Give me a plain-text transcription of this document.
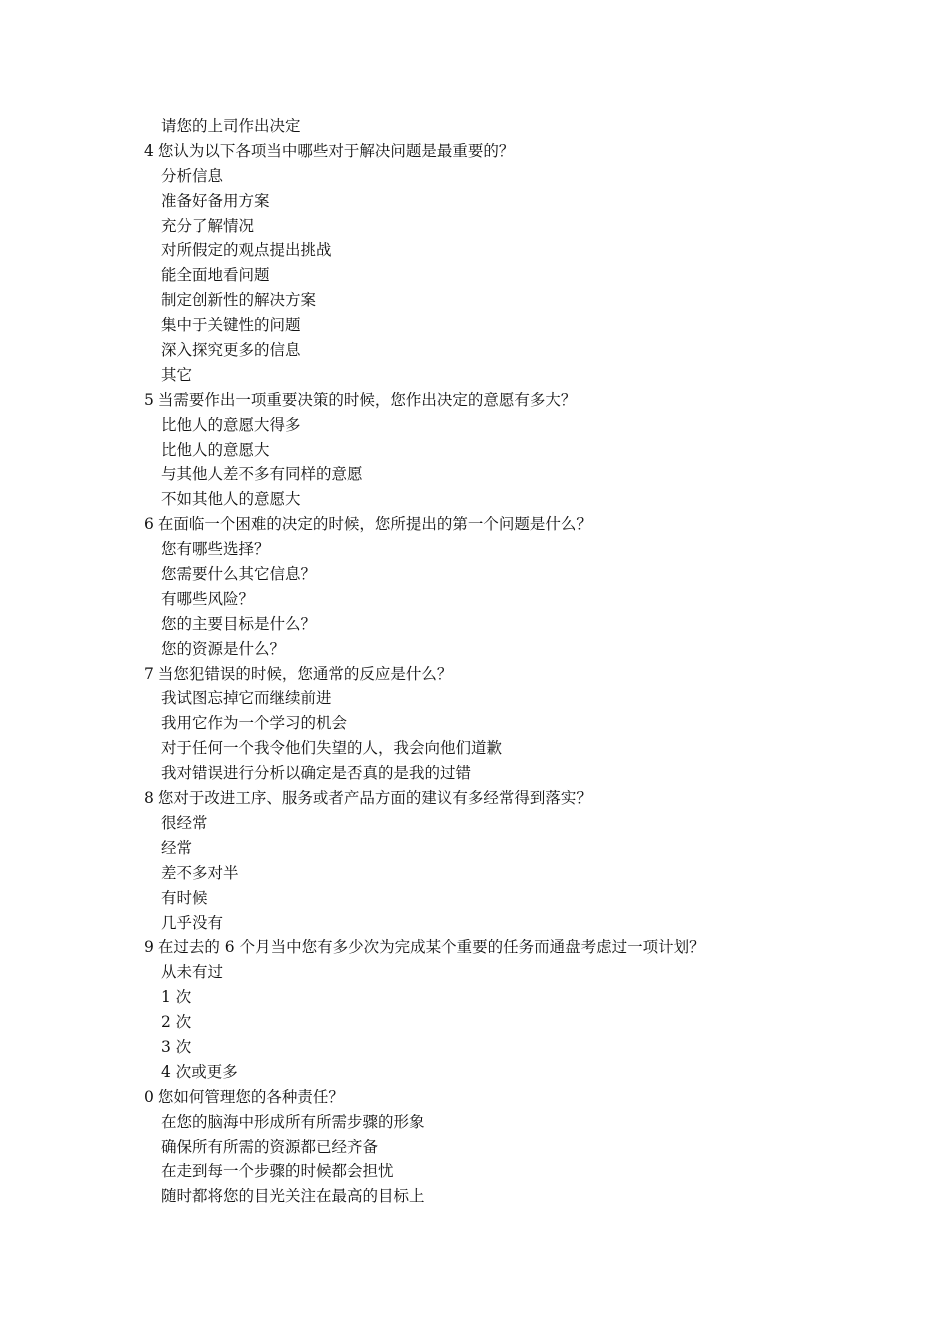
请您的上司作出决定
4 您认为以下各项当中哪些对于解决问题是最重要的？
分析信息
准备好备用方案
充分了解情况
对所假定的观点提出挑战
能全面地看问题
制定创新性的解决方案
集中于关键性的问题
深入探究更多的信息
其它
5 当需要作出一项重要决策的时候，您作出决定的意愿有多大？
比他人的意愿大得多
比他人的意愿大
与其他人差不多有同样的意愿
不如其他人的意愿大
6 在面临一个困难的决定的时候，您所提出的第一个问题是什么？
您有哪些选择？
您需要什么其它信息？
有哪些风险？
您的主要目标是什么？
您的资源是什么？
7 当您犯错误的时候，您通常的反应是什么？
我试图忘掉它而继续前进
我用它作为一个学习的机会
对于任何一个我令他们失望的人，我会向他们道歉
我对错误进行分析以确定是否真的是我的过错
8 您对于改进工序、服务或者产品方面的建议有多经常得到落实？
很经常
经常
差不多对半
有时候
几乎没有
9 在过去的 6 个月当中您有多少次为完成某个重要的任务而通盘考虑过一项计划？
从未有过
1 次
2 次
3 次
4 次或更多
0 您如何管理您的各种责任？
在您的脑海中形成所有所需步骤的形象
确保所有所需的资源都已经齐备
在走到每一个步骤的时候都会担忧
随时都将您的目光关注在最高的目标上
